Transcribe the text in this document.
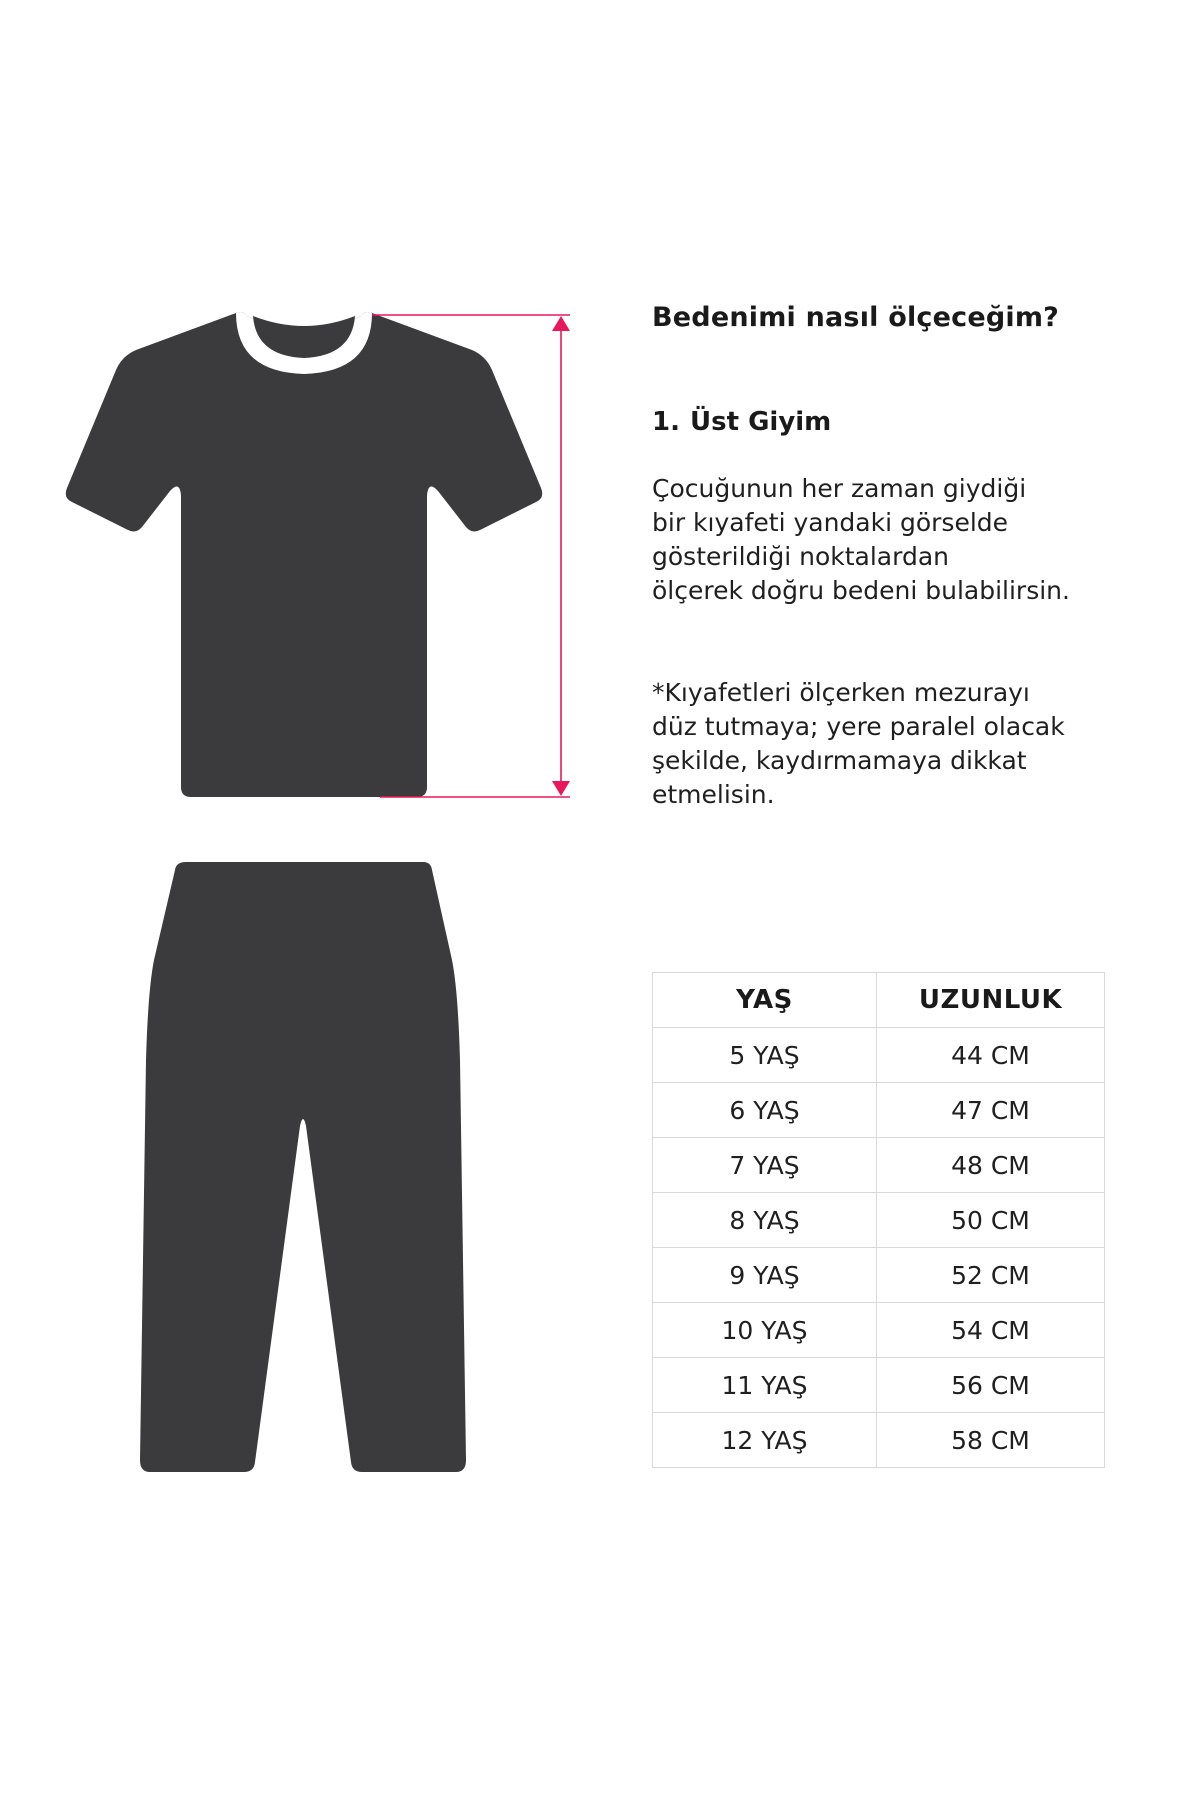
Bedenimi nasıl ölçeceğim?
1. Üst Giyim

Çocuğunun her zaman giydiği
bir kıyafeti yandaki görselde
gösterildiği noktalardan
ölçerek doğru bedeni bulabilirsin.

*Kıyafetleri ölçerken mezurayı
düz tutmaya; yere paralel olacak
şekilde, kaydırmamaya dikkat
etmelisin.

YAŞ	UZUNLUK
5 YAŞ	44 CM
6 YAŞ	47 CM
7 YAŞ	48 CM
8 YAŞ	50 CM
9 YAŞ	52 CM
10 YAŞ	54 CM
11 YAŞ	56 CM
12 YAŞ	58 CM
